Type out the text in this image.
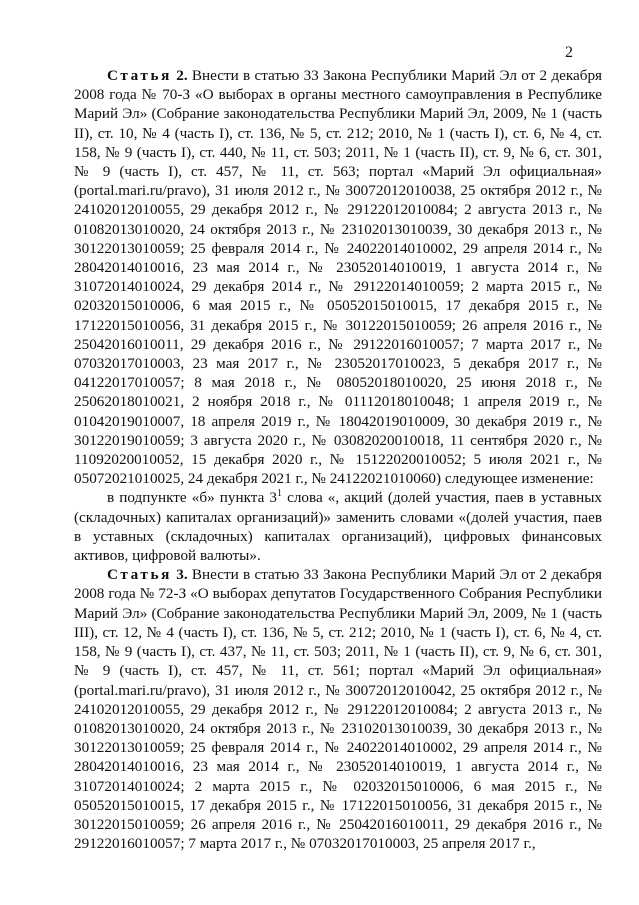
2

Статья 2. Внести в статью 33 Закона Республики Марий Эл от 2 декабря 2008 года № 70-З «О выборах в органы местного самоуправления в Республике Марий Эл» (Собрание законодательства Республики Марий Эл, 2009, № 1 (часть II), ст. 10, № 4 (часть I), ст. 136, № 5, ст. 212; 2010, № 1 (часть I), ст. 6, № 4, ст. 158, № 9 (часть I), ст. 440, № 11, ст. 503; 2011, № 1 (часть II), ст. 9, № 6, ст. 301, № 9 (часть I), ст. 457, № 11, ст. 563; портал «Марий Эл официальная» (portal.mari.ru/pravo), 31 июля 2012 г., № 30072012010038, 25 октября 2012 г., № 24102012010055, 29 декабря 2012 г., № 29122012010084; 2 августа 2013 г., № 01082013010020, 24 октября 2013 г., № 23102013010039, 30 декабря 2013 г., № 30122013010059; 25 февраля 2014 г., № 24022014010002, 29 апреля 2014 г., № 28042014010016, 23 мая 2014 г., № 23052014010019, 1 августа 2014 г., № 31072014010024, 29 декабря 2014 г., № 29122014010059; 2 марта 2015 г., № 02032015010006, 6 мая 2015 г., № 05052015010015, 17 декабря 2015 г., № 17122015010056, 31 декабря 2015 г., № 30122015010059; 26 апреля 2016 г., № 25042016010011, 29 декабря 2016 г., № 29122016010057; 7 марта 2017 г., № 07032017010003, 23 мая 2017 г., № 23052017010023, 5 декабря 2017 г., № 04122017010057; 8 мая 2018 г., № 08052018010020, 25 июня 2018 г., № 25062018010021, 2 ноября 2018 г., № 01112018010048; 1 апреля 2019 г., № 01042019010007, 18 апреля 2019 г., № 18042019010009, 30 декабря 2019 г., № 30122019010059; 3 августа 2020 г., № 03082020010018, 11 сентября 2020 г., № 11092020010052, 15 декабря 2020 г., № 15122020010052; 5 июля 2021 г., № 05072021010025, 24 декабря 2021 г., № 24122021010060) следующее изменение:

в подпункте «б» пункта $3^1$ слова «, акций (долей участия, паев в уставных (складочных) капиталах организаций)» заменить словами «(долей участия, паев в уставных (складочных) капиталах организаций), цифровых финансовых активов, цифровой валюты».

Статья 3. Внести в статью 33 Закона Республики Марий Эл от 2 декабря 2008 года № 72-З «О выборах депутатов Государственного Собрания Республики Марий Эл» (Собрание законодательства Республики Марий Эл, 2009, № 1 (часть III), ст. 12, № 4 (часть I), ст. 136, № 5, ст. 212; 2010, № 1 (часть I), ст. 6, № 4, ст. 158, № 9 (часть I), ст. 437, № 11, ст. 503; 2011, № 1 (часть II), ст. 9, № 6, ст. 301, № 9 (часть I), ст. 457, № 11, ст. 561; портал «Марий Эл официальная» (portal.mari.ru/pravo), 31 июля 2012 г., № 30072012010042, 25 октября 2012 г., № 24102012010055, 29 декабря 2012 г., № 29122012010084; 2 августа 2013 г., № 01082013010020, 24 октября 2013 г., № 23102013010039, 30 декабря 2013 г., № 30122013010059; 25 февраля 2014 г., № 24022014010002, 29 апреля 2014 г., № 28042014010016, 23 мая 2014 г., № 23052014010019, 1 августа 2014 г., № 31072014010024; 2 марта 2015 г., № 02032015010006, 6 мая 2015 г., № 05052015010015, 17 декабря 2015 г., № 17122015010056, 31 декабря 2015 г., № 30122015010059; 26 апреля 2016 г., № 25042016010011, 29 декабря 2016 г., № 29122016010057; 7 марта 2017 г., № 07032017010003, 25 апреля 2017 г.,
